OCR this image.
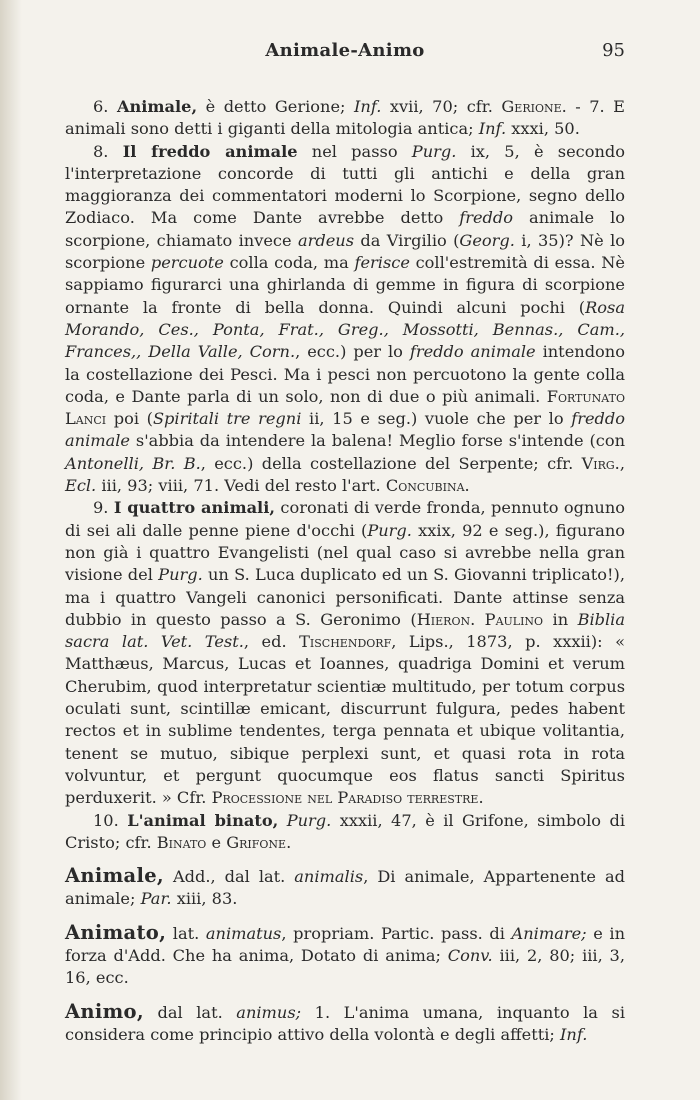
Animale-Animo	95

6. Animale, è detto Gerione; Inf. xvii, 70; cfr. Gerione. - 7. E animali sono detti i giganti della mitologia antica; Inf. xxxi, 50.

8. Il freddo animale nel passo Purg. ix, 5, è secondo l'interpretazione concorde di tutti gli antichi e della gran maggioranza dei commentatori moderni lo Scorpione, segno dello Zodiaco. Ma come Dante avrebbe detto freddo animale lo scorpione, chiamato invece ardeus da Virgilio (Georg. i, 35)? Nè lo scorpione percuote colla coda, ma ferisce coll'estremità di essa. Nè sappiamo figurarci una ghirlanda di gemme in figura di scorpione ornante la fronte di bella donna. Quindi alcuni pochi (Rosa Morando, Ces., Ponta, Frat., Greg., Mossotti, Bennas., Cam., Frances,, Della Valle, Corn., ecc.) per lo freddo animale intendono la costellazione dei Pesci. Ma i pesci non percuotono la gente colla coda, e Dante parla di un solo, non di due o più animali. Fortunato Lanci poi (Spiritali tre regni ii, 15 e seg.) vuole che per lo freddo animale s'abbia da intendere la balena! Meglio forse s'intende (con Antonelli, Br. B., ecc.) della costellazione del Serpente; cfr. Virg., Ecl. iii, 93; viii, 71. Vedi del resto l'art. Concubina.

9. I quattro animali, coronati di verde fronda, pennuto ognuno di sei ali dalle penne piene d'occhi (Purg. xxix, 92 e seg.), figurano non già i quattro Evangelisti (nel qual caso si avrebbe nella gran visione del Purg. un S. Luca duplicato ed un S. Giovanni triplicato!), ma i quattro Vangeli canonici personificati. Dante attinse senza dubbio in questo passo a S. Geronimo (Hieron. Paulino in Biblia sacra lat. Vet. Test., ed. Tischendorf, Lips., 1873, p. xxxii): « Matthæus, Marcus, Lucas et Ioannes, quadriga Domini et verum Cherubim, quod interpretatur scientiæ multitudo, per totum corpus oculati sunt, scintillæ emicant, discurrunt fulgura, pedes habent rectos et in sublime tendentes, terga pennata et ubique volitantia, tenent se mutuo, sibique perplexi sunt, et quasi rota in rota volvuntur, et pergunt quocumque eos flatus sancti Spiritus perduxerit. » Cfr. Processione nel Paradiso terrestre.

10. L'animal binato, Purg. xxxii, 47, è il Grifone, simbolo di Cristo; cfr. Binato e Grifone.

Animale, Add., dal lat. animalis, Di animale, Appartenente ad animale; Par. xiii, 83.

Animato, lat. animatus, propriam. Partic. pass. di Animare; e in forza d'Add. Che ha anima, Dotato di anima; Conv. iii, 2, 80; iii, 3, 16, ecc.

Animo, dal lat. animus; 1. L'anima umana, inquanto la si considera come principio attivo della volontà e degli affetti; Inf.
